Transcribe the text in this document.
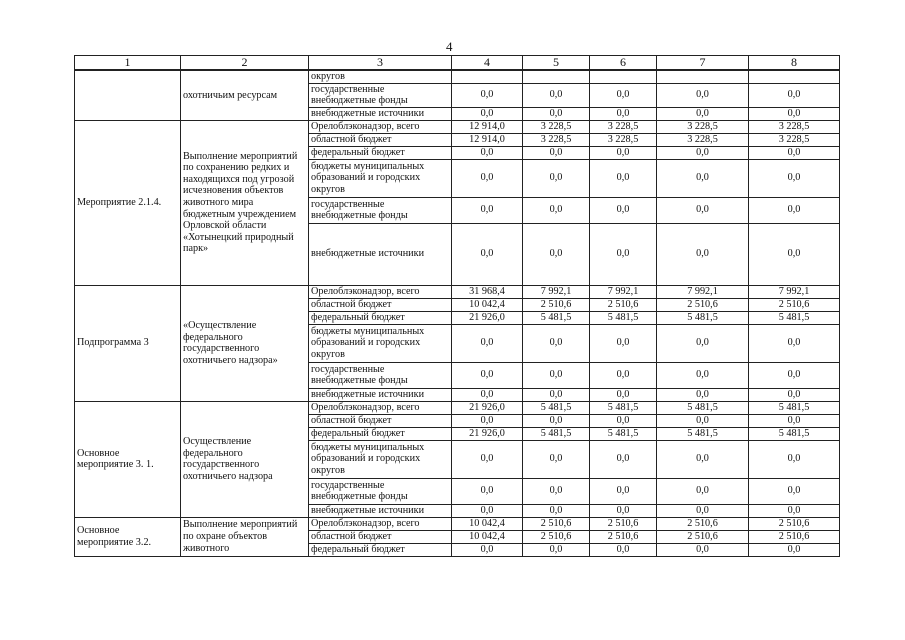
4
1	2	3	4	5	6	7	8
	охотничьим ресурсам	округов					
		государственные внебюджетные фонды	0,0	0,0	0,0	0,0	0,0
		внебюджетные источники	0,0	0,0	0,0	0,0	0,0
Мероприятие 2.1.4.	Выполнение мероприятий по сохранению редких и находящихся под угрозой исчезновения объектов животного мира бюджетным учреждением Орловской области «Хотынецкий природный парк»	Орелоблэконадзор, всего	12 914,0	3 228,5	3 228,5	3 228,5	3 228,5
		областной бюджет	12 914,0	3 228,5	3 228,5	3 228,5	3 228,5
		федеральный бюджет	0,0	0,0	0,0	0,0	0,0
		бюджеты муниципальных образований и городских округов	0,0	0,0	0,0	0,0	0,0
		государственные внебюджетные фонды	0,0	0,0	0,0	0,0	0,0
		внебюджетные источники	0,0	0,0	0,0	0,0	0,0
Подпрограмма 3	«Осуществление федерального государственного охотничьего надзора»	Орелоблэконадзор, всего	31 968,4	7 992,1	7 992,1	7 992,1	7 992,1
		областной бюджет	10 042,4	2 510,6	2 510,6	2 510,6	2 510,6
		федеральный бюджет	21 926,0	5 481,5	5 481,5	5 481,5	5 481,5
		бюджеты муниципальных образований и городских округов	0,0	0,0	0,0	0,0	0,0
		государственные внебюджетные фонды	0,0	0,0	0,0	0,0	0,0
		внебюджетные источники	0,0	0,0	0,0	0,0	0,0
Основное мероприятие 3. 1.	Осуществление федерального государственного охотничьего надзора	Орелоблэконадзор, всего	21 926,0	5 481,5	5 481,5	5 481,5	5 481,5
		областной бюджет	0,0	0,0	0,0	0,0	0,0
		федеральный бюджет	21 926,0	5 481,5	5 481,5	5 481,5	5 481,5
		бюджеты муниципальных образований и городских округов	0,0	0,0	0,0	0,0	0,0
		государственные внебюджетные фонды	0,0	0,0	0,0	0,0	0,0
		внебюджетные источники	0,0	0,0	0,0	0,0	0,0
Основное мероприятие 3.2.	Выполнение мероприятий по охране объектов животного	Орелоблэконадзор, всего	10 042,4	2 510,6	2 510,6	2 510,6	2 510,6
		областной бюджет	10 042,4	2 510,6	2 510,6	2 510,6	2 510,6
		федеральный бюджет	0,0	0,0	0,0	0,0	0,0
